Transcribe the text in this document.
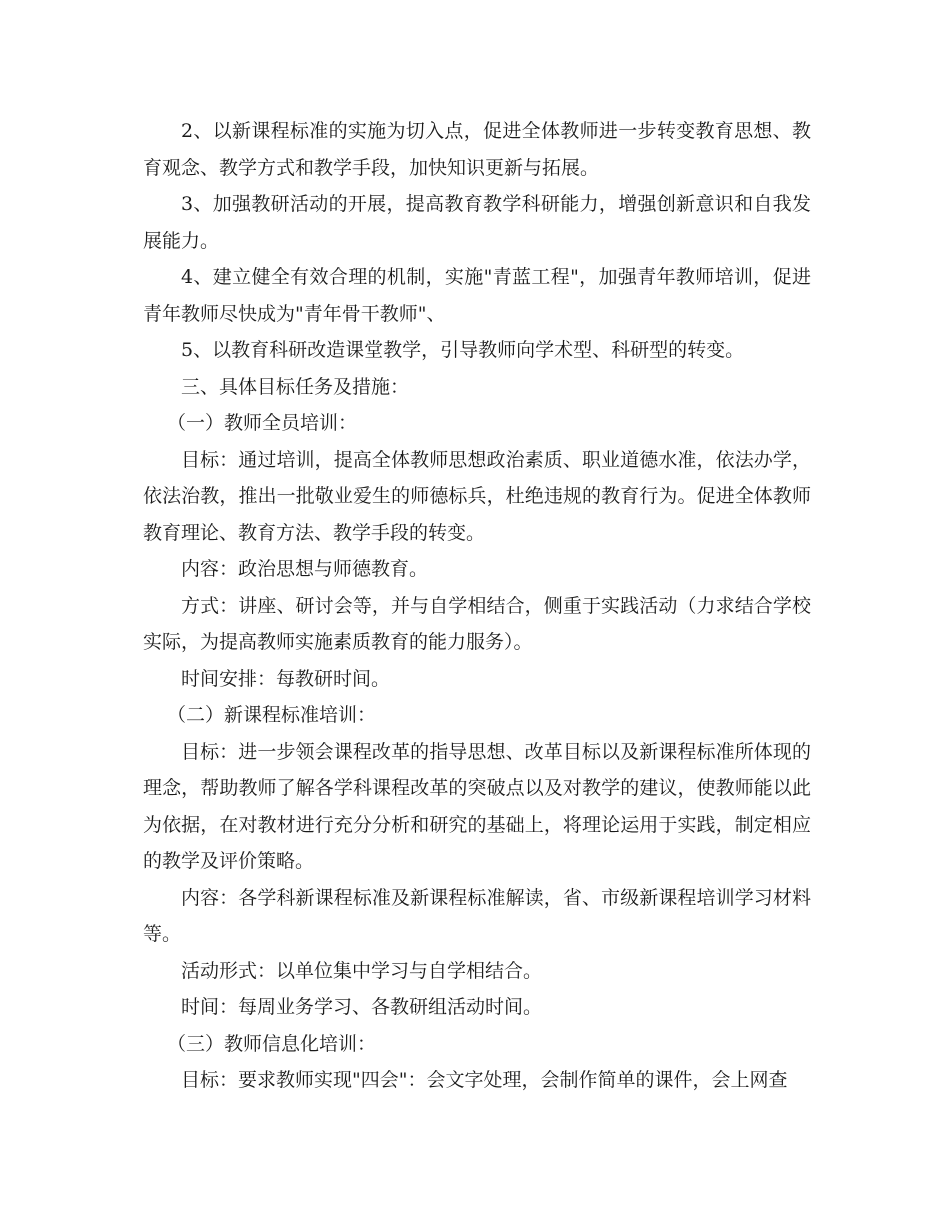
2、以新课程标准的实施为切入点，促进全体教师进一步转变教育思想、教育观念、教学方式和教学手段，加快知识更新与拓展。

3、加强教研活动的开展，提高教育教学科研能力，增强创新意识和自我发展能力。

4、建立健全有效合理的机制，实施"青蓝工程"，加强青年教师培训，促进青年教师尽快成为"青年骨干教师"、

5、以教育科研改造课堂教学，引导教师向学术型、科研型的转变。

三、具体目标任务及措施：

（一）教师全员培训：

目标：通过培训，提高全体教师思想政治素质、职业道德水准，依法办学，依法治教，推出一批敬业爱生的师德标兵，杜绝违规的教育行为。促进全体教师教育理论、教育方法、教学手段的转变。

内容：政治思想与师德教育。

方式：讲座、研讨会等，并与自学相结合，侧重于实践活动（力求结合学校实际，为提高教师实施素质教育的能力服务）。

时间安排：每教研时间。

（二）新课程标准培训：

目标：进一步领会课程改革的指导思想、改革目标以及新课程标准所体现的理念，帮助教师了解各学科课程改革的突破点以及对教学的建议，使教师能以此为依据，在对教材进行充分分析和研究的基础上，将理论运用于实践，制定相应的教学及评价策略。

内容：各学科新课程标准及新课程标准解读，省、市级新课程培训学习材料等。

活动形式：以单位集中学习与自学相结合。

时间：每周业务学习、各教研组活动时间。

（三）教师信息化培训：

目标：要求教师实现"四会"：会文字处理，会制作简单的课件，会上网查
